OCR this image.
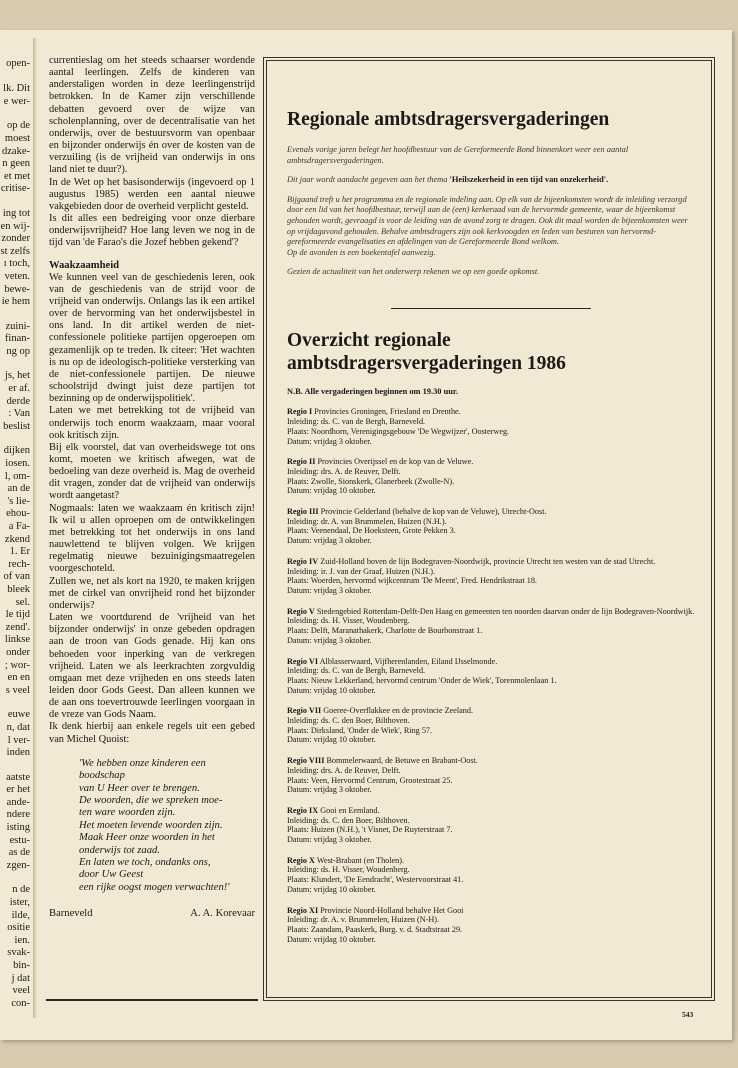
open-

lk. Dit
e wer-
op de
moest
dzake-
n geen
et met
critise-
ing tot
en wij-
zonder
st zelfs
ı toch,
veten.
bewe-
ie hem
zuini-
finan-
ng op
js, het
er af.
derde
: Van
beslist
dijken
iosen.
l, om-
an de
's lie-
ehou-
a Fa-
zkend
1. Er
rech-
of van
bleek
sel.
le tijd
zend'.
linkse
onder
; wor-
en en
s veel
euwe
n, dat
l ver-
inden
aatste
er het
ande-
ndere
isting
estu-
as de
zgen-
n de
ister,
ilde,
ositie
ien.
svak-
bin-
j dat
veel
con-

currentieslag om het steeds schaarser wordende aantal leerlingen. Zelfs de kinderen van anderstaligen worden in deze leerlingenstrijd betrokken. In de Kamer zijn verschillende debatten gevoerd over de wijze van scholenplanning, over de decentralisatie van het onderwijs, over de bestuursvorm van openbaar en bijzonder onderwijs én over de kosten van de verzuiling (is de vrijheid van onderwijs in ons land niet te duur?).

In de Wet op het basisonderwijs (ingevoerd op 1 augustus 1985) werden een aantal nieuwe vakgebieden door de overheid verplicht gesteld.

Is dit alles een bedreiging voor onze dierbare onderwijsvrijheid? Hoe lang leven we nog in de tijd van 'de Farao's die Jozef hebben gekend'?

Waakzaamheid

We kunnen veel van de geschiedenis leren, ook van de geschiedenis van de strijd voor de vrijheid van onderwijs. Onlangs las ik een artikel over de hervorming van het onderwijsbestel in ons land. In dit artikel werden de niet-confessionele politieke partijen opgeroepen om gezamenlijk op te treden. Ik citeer: 'Het wachten is nu op de ideologisch-politieke versterking van de niet-confessionele partijen. De nieuwe schoolstrijd dwingt juist deze partijen tot bezinning op de onderwijspolitiek'.

Laten we met betrekking tot de vrijheid van onderwijs toch enorm waakzaam, maar vooral ook kritisch zijn.

Bij elk voorstel, dat van overheidswege tot ons komt, moeten we kritisch afwegen, wat de bedoeling van deze overheid is. Mag de overheid dit vragen, zonder dat de vrijheid van onderwijs wordt aangetast?

Nogmaals: laten we waakzaam én kritisch zijn! Ik wil u allen oproepen om de ontwikkelingen met betrekking tot het onderwijs in ons land nauwlettend te blijven volgen. We krijgen regelmatig nieuwe bezuinigingsmaatregelen voorgeschoteld.

Zullen we, net als kort na 1920, te maken krijgen met de cirkel van onvrijheid rond het bijzonder onderwijs?

Laten we voortdurend de 'vrijheid van het bijzonder onderwijs' in onze gebeden opdragen aan de troon van Gods genade. Hij kan ons behoeden voor inperking van de verkregen vrijheid. Laten we als leerkrachten zorgvuldig omgaan met deze vrijheden en ons steeds laten leiden door Gods Geest. Dan alleen kunnen we de aan ons toevertrouwde leerlingen voorgaan in de vreze van Gods Naam.

Ik denk hierbij aan enkele regels uit een gebed van Michel Quoist:

'We hebben onze kinderen een
boodschap
van U Heer over te brengen.
De woorden, die we spreken moe-
ten ware woorden zijn.
Het moeten levende woorden zijn.
Maak Heer onze woorden in het
onderwijs tot zaad.
En laten we toch, ondanks ons,
door Uw Geest
een rijke oogst mogen verwachten!'
Barneveld	A. A. Korevaar
Regionale ambtsdragersvergaderingen

Evenals vorige jaren belegt het hoofdbestuur van de Gereformeerde Bond binnenkort weer een aantal ambtsdragersvergaderingen.

Dit jaar wordt aandacht gegeven aan het thema 'Heilszekerheid in een tijd van onzekerheid'.

Bijgaand treft u het programma en de regionale indeling aan. Op elk van de bijeenkomsten wordt de inleiding verzorgd door een lid van het hoofdbestuur, terwijl aan de (een) kerkeraad van de hervormde gemeente, waar de bijeenkomst gehouden wordt, gevraagd is voor de leiding van de avond zorg te dragen. Ook dit maal worden de bijeenkomsten weer op vrijdagavond gehouden. Behalve ambtsdragers zijn ook kerkvoogden en leden van besturen van hervormd-gereformeerde evangelisaties en afdelingen van de Gereformeerde Bond welkom.
Op de avonden is een boekentafel aanwezig.

Gezien de actualiteit van het onderwerp rekenen we op een goede opkomst.

Overzicht regionale
ambtsdragersvergaderingen 1986

N.B. Alle vergaderingen beginnen om 19.30 uur.

Regio I Provincies Groningen, Friesland en Drenthe.
Inleiding: ds. C. van de Bergh, Barneveld.
Plaats: Noordhorn, Verenigingsgebouw 'De Wegwijzer', Oosterweg.
Datum: vrijdag 3 oktober.
Regio II Provincies Overijssel en de kop van de Veluwe.
Inleiding: drs. A. de Reuver, Delft.
Plaats: Zwolle, Sionskerk, Glanerbeek (Zwolle-N).
Datum: vrijdag 10 oktober.
Regio III Provincie Gelderland (behalve de kop van de Veluwe), Utrecht-Oost.
Inleiding: dr. A. van Brummelen, Huizen (N.H.).
Plaats: Veenendaal, De Hoeksteen, Grote Pekken 3.
Datum: vrijdag 3 oktober.
Regio IV Zuid-Holland boven de lijn Bodegraven-Noordwijk, provincie Utrecht ten westen van de stad Utrecht.
Inleiding: ir. J. van der Graaf, Huizen (N.H.).
Plaats: Woerden, hervormd wijkcentrum 'De Meent', Fred. Hendrikstraat 18.
Datum: vrijdag 3 oktober.
Regio V Stedengebied Rotterdam-Delft-Den Haag en gemeenten ten noorden daarvan onder de lijn Bodegraven-Noordwijk.
Inleiding: ds. H. Visser, Woudenberg.
Plaats: Delft, Maranathakerk, Charlotte de Bourbonstraat 1.
Datum: vrijdag 3 oktober.
Regio VI Alblasserwaard, Vijfherenlanden, Eiland IJsselmonde.
Inleiding: ds. C. van de Bergh, Barneveld.
Plaats: Nieuw Lekkerland, hervormd centrum 'Onder de Wiek', Torenmolenlaan 1.
Datum: vrijdag 10 oktober.
Regio VII Goeree-Overflakkee en de provincie Zeeland.
Inleiding: ds. C. den Boer, Bilthoven.
Plaats: Dirksland, 'Onder de Wiek', Ring 57.
Datum: vrijdag 10 oktober.
Regio VIII Bommelerwaard, de Betuwe en Brabant-Oost.
Inleiding: drs. A. de Reuver, Delft.
Plaats: Veen, Hervormd Centrum, Grootestraat 25.
Datum: vrijdag 3 oktober.
Regio IX Gooi en Eemland.
Inleiding: ds. C. den Boer, Bilthoven.
Plaats: Huizen (N.H.), 't Visnet, De Ruyterstraat 7.
Datum: vrijdag 3 oktober.
Regio X West-Brabant (en Tholen).
Inleiding: ds. H. Visser, Woudenberg.
Plaats: Klundert, 'De Eendracht', Westervoorstraat 41.
Datum: vrijdag 10 oktober.
Regio XI Provincie Noord-Holland behalve Het Gooi
Inleiding: dr. A. v. Brummelen, Huizen (N-H).
Plaats: Zaandam, Paaskerk, Burg. v. d. Stadtstraat 29.
Datum: vrijdag 10 oktober.
543
